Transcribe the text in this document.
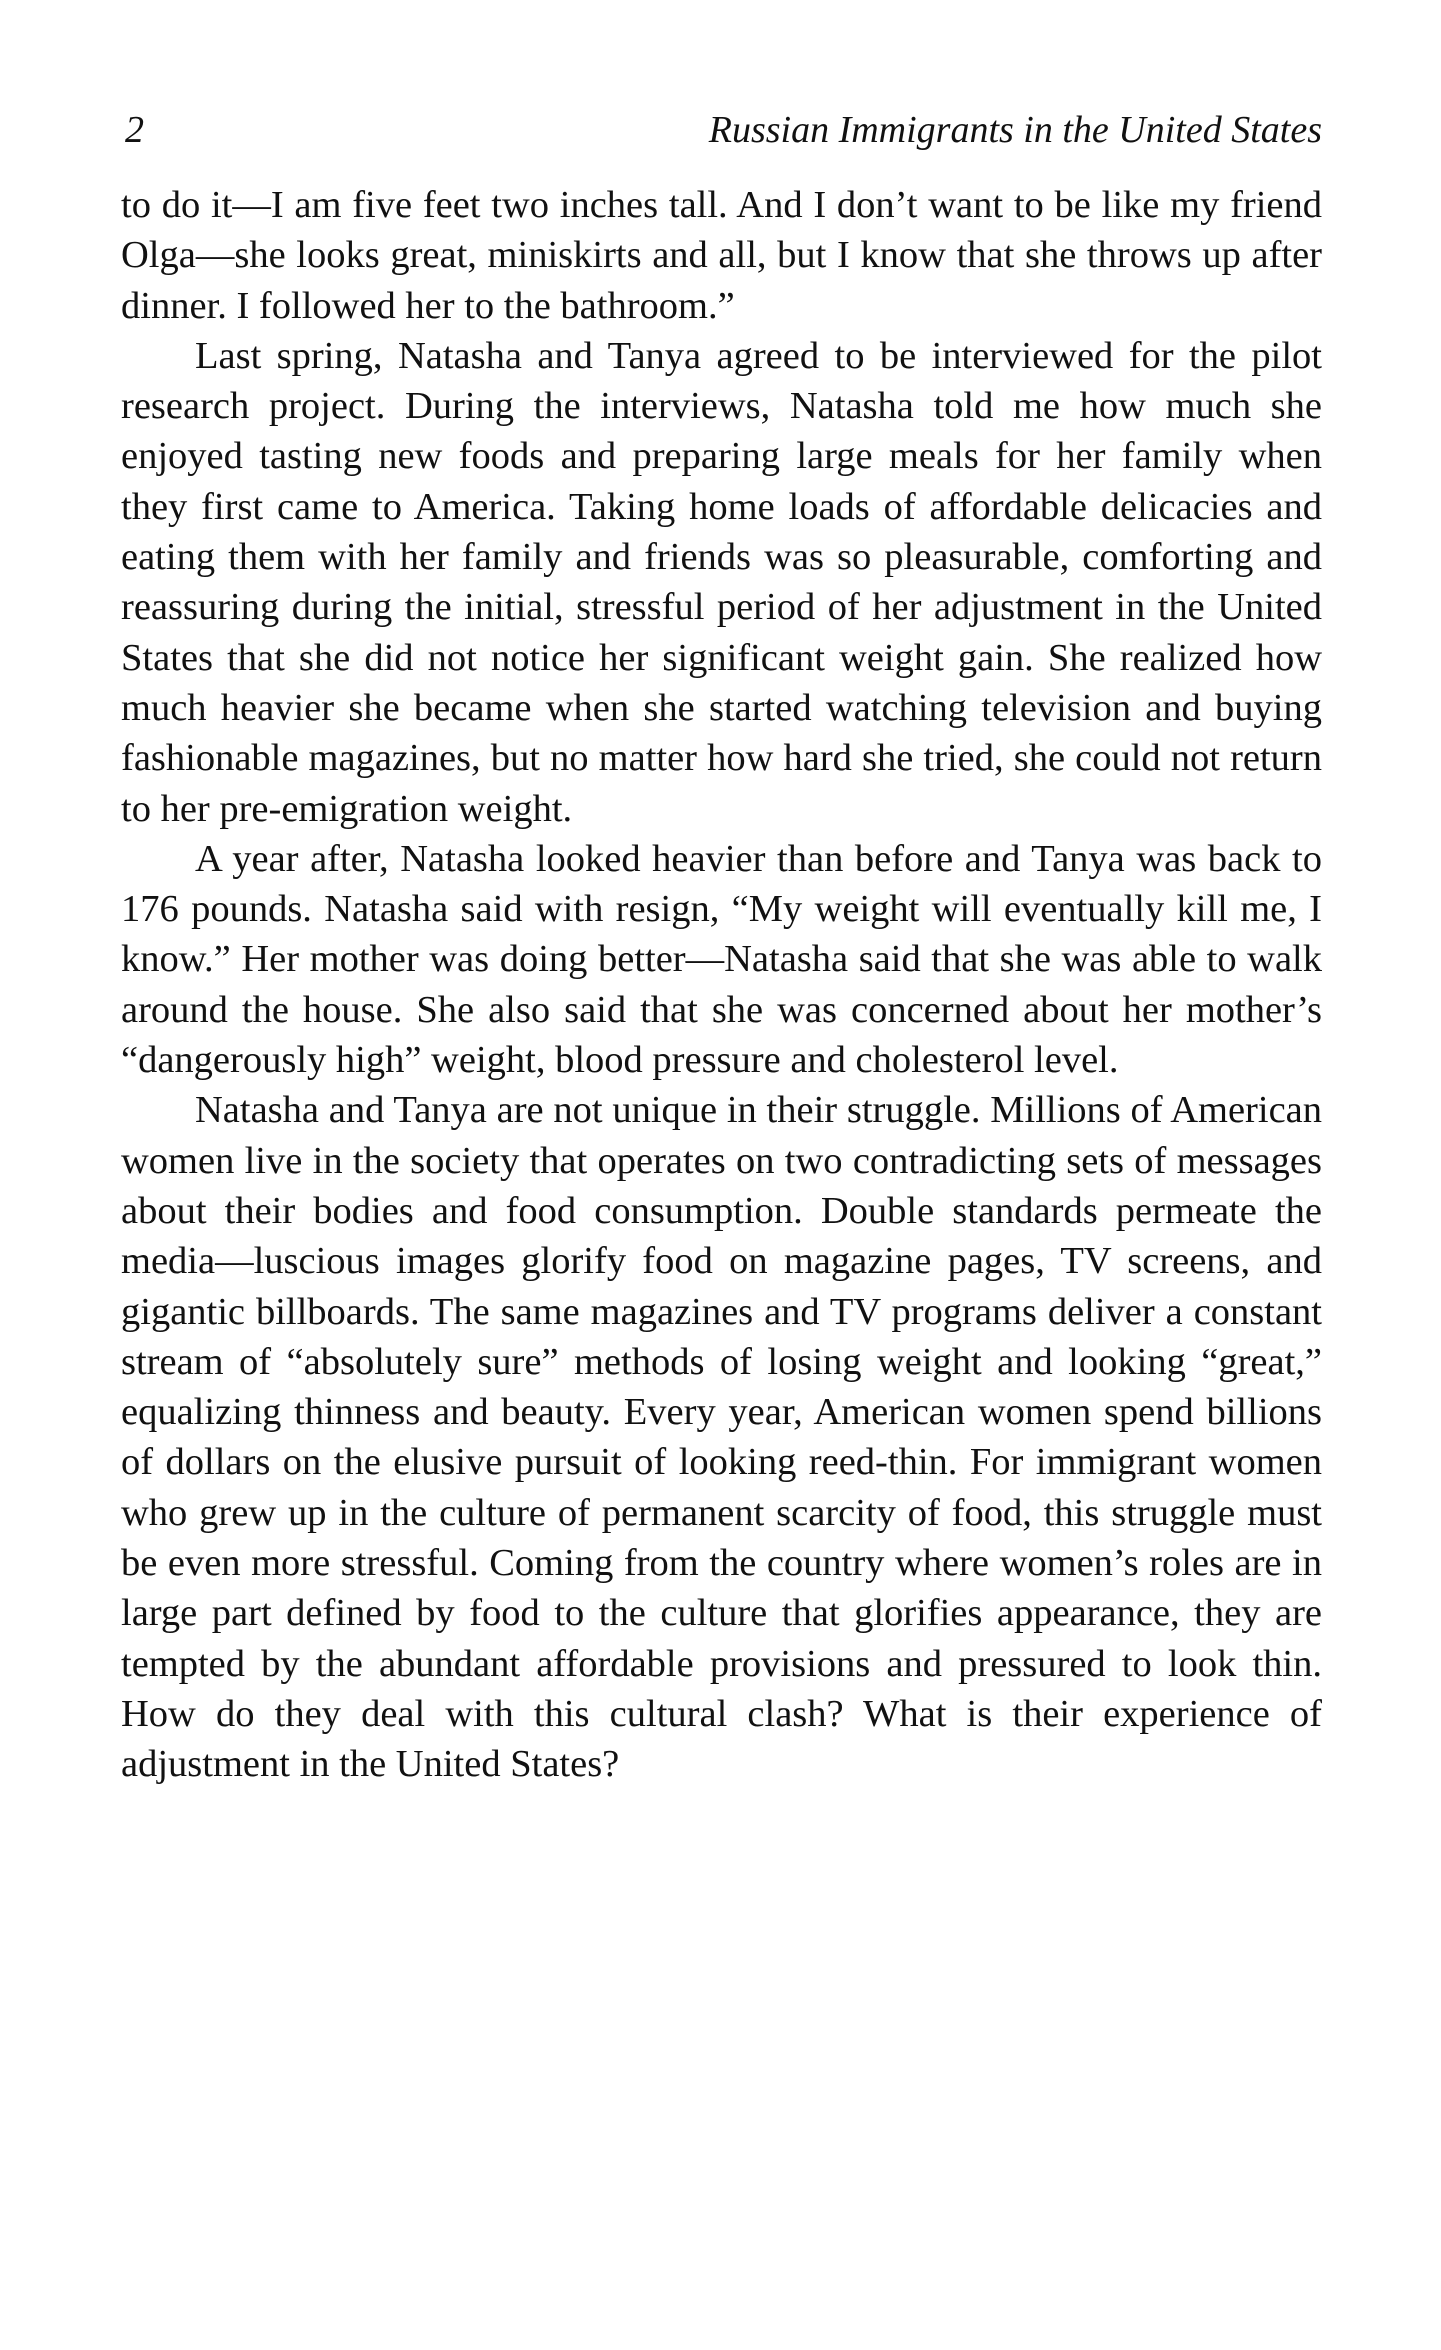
2	Russian Immigrants in the United States

to do it—I am five feet two inches tall. And I don’t want to be like my friend Olga—she looks great, miniskirts and all, but I know that she throws up after dinner. I followed her to the bathroom.”

Last spring, Natasha and Tanya agreed to be interviewed for the pilot research project. During the interviews, Natasha told me how much she enjoyed tasting new foods and preparing large meals for her family when they first came to America. Taking home loads of affordable delicacies and eating them with her family and friends was so pleasurable, comforting and reassuring during the initial, stressful period of her adjustment in the United States that she did not notice her significant weight gain. She realized how much heavier she became when she started watching television and buying fashionable magazines, but no matter how hard she tried, she could not return to her pre-emigration weight.

A year after, Natasha looked heavier than before and Tanya was back to 176 pounds. Natasha said with resign, “My weight will eventually kill me, I know.” Her mother was doing better—Natasha said that she was able to walk around the house. She also said that she was concerned about her mother’s “dangerously high” weight, blood pressure and cholesterol level.

Natasha and Tanya are not unique in their struggle. Millions of American women live in the society that operates on two contradicting sets of messages about their bodies and food consumption. Double standards permeate the media—luscious images glorify food on magazine pages, TV screens, and gigantic billboards. The same magazines and TV programs deliver a constant stream of “absolutely sure” methods of losing weight and looking “great,” equalizing thinness and beauty. Every year, American women spend billions of dollars on the elusive pursuit of looking reed-thin. For immigrant women who grew up in the culture of permanent scarcity of food, this struggle must be even more stressful. Coming from the country where women’s roles are in large part defined by food to the culture that glorifies appearance, they are tempted by the abundant affordable provisions and pressured to look thin. How do they deal with this cultural clash? What is their experience of adjustment in the United States?
